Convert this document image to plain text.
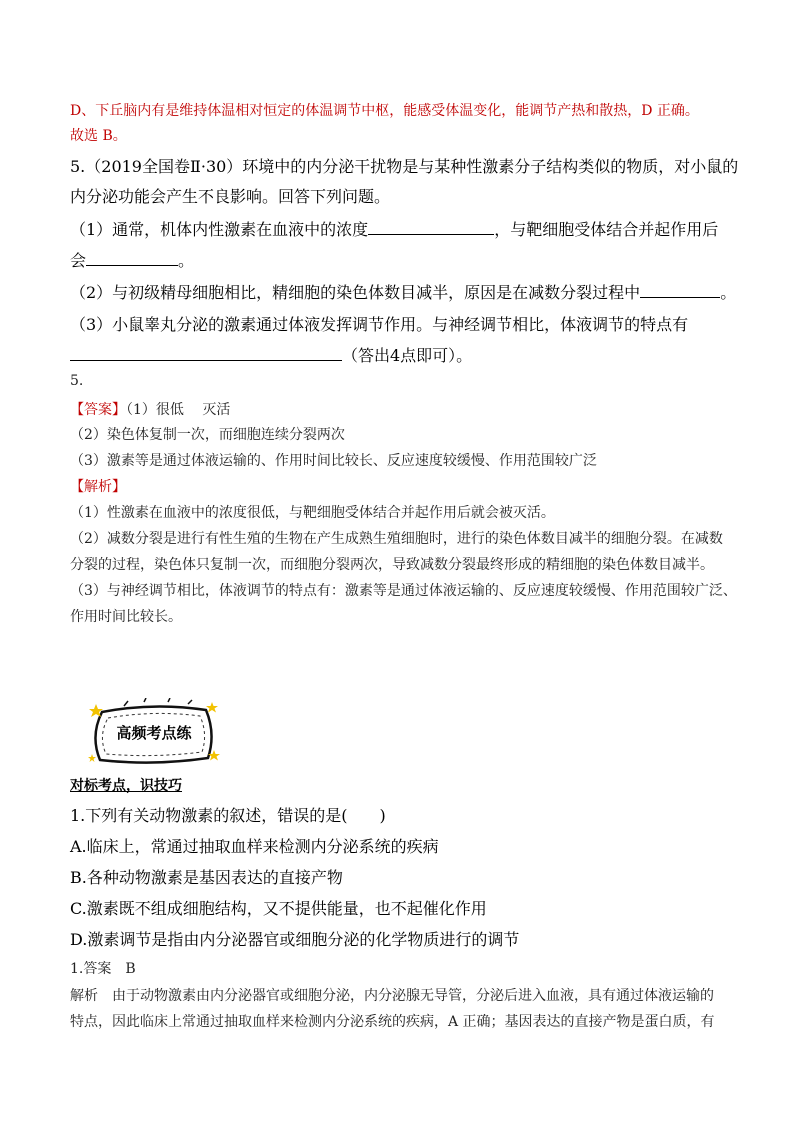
D、下丘脑内有是维持体温相对恒定的体温调节中枢，能感受体温变化，能调节产热和散热，D 正确。
故选 B。
5.（2019全国卷Ⅱ·30）环境中的内分泌干扰物是与某种性激素分子结构类似的物质，对小鼠的
内分泌功能会产生不良影响。回答下列问题。
（1）通常，机体内性激素在血液中的浓度	，与靶细胞受体结合并起作用后
会	。
（2）与初级精母细胞相比，精细胞的染色体数目减半，原因是在减数分裂过程中	。
（3）小鼠睾丸分泌的激素通过体液发挥调节作用。与神经调节相比，体液调节的特点有
（答出4点即可）。
5.
【答案】（1）很低　 灭活
（2）染色体复制一次，而细胞连续分裂两次
（3）激素等是通过体液运输的、作用时间比较长、反应速度较缓慢、作用范围较广泛
【解析】
（1）性激素在血液中的浓度很低，与靶细胞受体结合并起作用后就会被灭活。
（2）减数分裂是进行有性生殖的生物在产生成熟生殖细胞时，进行的染色体数目减半的细胞分裂。在减数
分裂的过程，染色体只复制一次，而细胞分裂两次，导致减数分裂最终形成的精细胞的染色体数目减半。
（3）与神经调节相比，体液调节的特点有：激素等是通过体液运输的、反应速度较缓慢、作用范围较广泛、
作用时间比较长。
高频考点练
对标考点，识技巧
1.下列有关动物激素的叙述，错误的是(　　)
A.临床上，常通过抽取血样来检测内分泌系统的疾病
B.各种动物激素是基因表达的直接产物
C.激素既不组成细胞结构，又不提供能量，也不起催化作用
D.激素调节是指由内分泌器官或细胞分泌的化学物质进行的调节
1.答案　B
解析　由于动物激素由内分泌器官或细胞分泌，内分泌腺无导管，分泌后进入血液，具有通过体液运输的
特点，因此临床上常通过抽取血样来检测内分泌系统的疾病，A 正确；基因表达的直接产物是蛋白质，有
